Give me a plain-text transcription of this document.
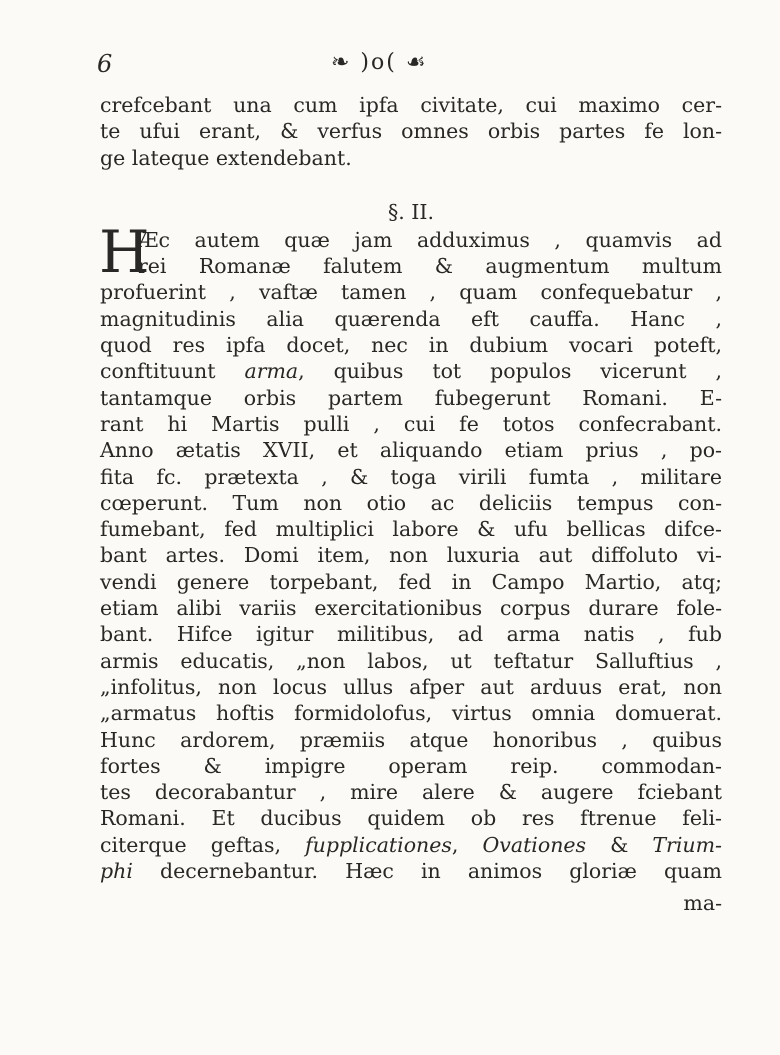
6	❧ )o( ☙
crefcebant una cum ipfa civitate, cui maximo cer-
te ufui erant, & verfus omnes orbis partes fe lon-
ge lateque extendebant.
§. II.
H
Æc autem quæ jam adduximus , quamvis ad
rei Romanæ falutem & augmentum multum
profuerint , vaftæ tamen , quam confequebatur ,
magnitudinis alia quærenda eft cauffa. Hanc ,
quod res ipfa docet, nec in dubium vocari poteft,
conftituunt arma, quibus tot populos vicerunt ,
tantamque orbis partem fubegerunt Romani. E-
rant hi Martis pulli , cui fe totos confecrabant.
Anno ætatis XVII, et aliquando etiam prius , po-
fita fc. prætexta , & toga virili fumta , militare
cœperunt. Tum non otio ac deliciis tempus con-
fumebant, fed multiplici labore & ufu bellicas difce-
bant artes. Domi item, non luxuria aut diffoluto vi-
vendi genere torpebant, fed in Campo Martio, atq;
etiam alibi variis exercitationibus corpus durare fole-
bant. Hifce igitur militibus, ad arma natis , fub
armis educatis, „non labos, ut teftatur Salluftius ,
„infolitus, non locus ullus afper aut arduus erat, non
„armatus hoftis formidolofus, virtus omnia domuerat.
Hunc ardorem, præmiis atque honoribus , quibus
fortes & impigre operam reip. commodan-
tes decorabantur , mire alere & augere fciebant
Romani. Et ducibus quidem ob res ftrenue feli-
citerque geftas, fupplicationes, Ovationes & Trium-
phi decernebantur. Hæc in animos gloriæ quam
ma-
